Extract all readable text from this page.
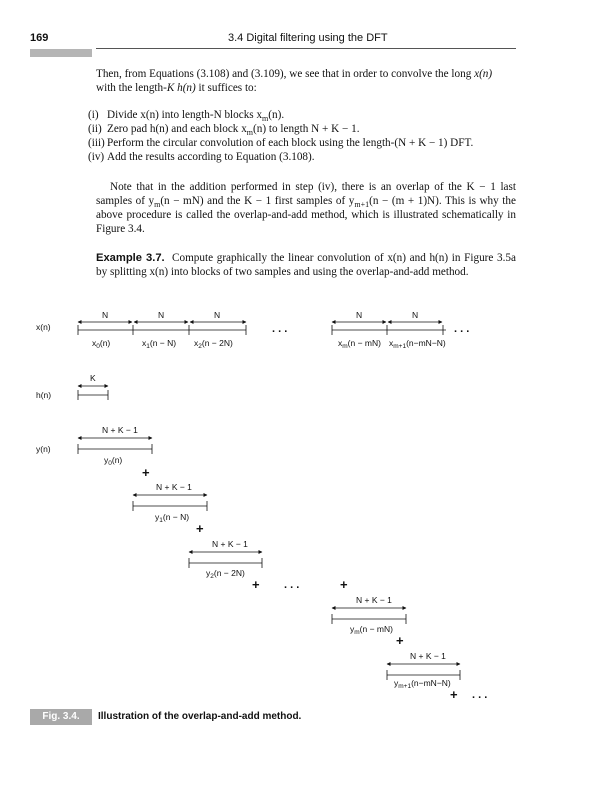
169	3.4 Digital filtering using the DFT

Then, from Equations (3.108) and (3.109), we see that in order to convolve the long x(n)
with the length-K h(n) it suffices to:

(i) Divide x(n) into length-N blocks $x_m(n)$.
(ii) Zero pad h(n) and each block $x_m(n)$ to length N + K − 1.
(iii) Perform the circular convolution of each block using the length-(N + K − 1) DFT.
(iv) Add the results according to Equation (3.108).

Note that in the addition performed in step (iv), there is an overlap of the K − 1 last samples of $y_m(n - mN)$ and the K − 1 first samples of $y_{m+1}(n - (m + 1)N)$. This is why the above procedure is called the overlap-and-add method, which is illustrated schematically in Figure 3.4.

Example 3.7. Compute graphically the linear convolution of x(n) and h(n) in Figure 3.5a by splitting x(n) into blocks of two samples and using the overlap-and-add method.

x(n)
N	N	N	N	N
. . .	. . .
$x_0(n)$	$x_1(n - N) x_2(n - 2N)$	$x_m(n - mN)$ $x_{m+1}(n-mN-N)$
h(n)
K
y(n)
N + K − 1
$y_0(n)$
+
N + K − 1
$y_1(n - N)$
+
N + K − 1
$y_2(n - 2N)$
+ . . .	+
N + K − 1
$y_m(n - mN)$
+
N + K − 1
$y_{m+1}(n-mN-N)$
+ . . .
Fig. 3.4.	Illustration of the overlap-and-add method.
